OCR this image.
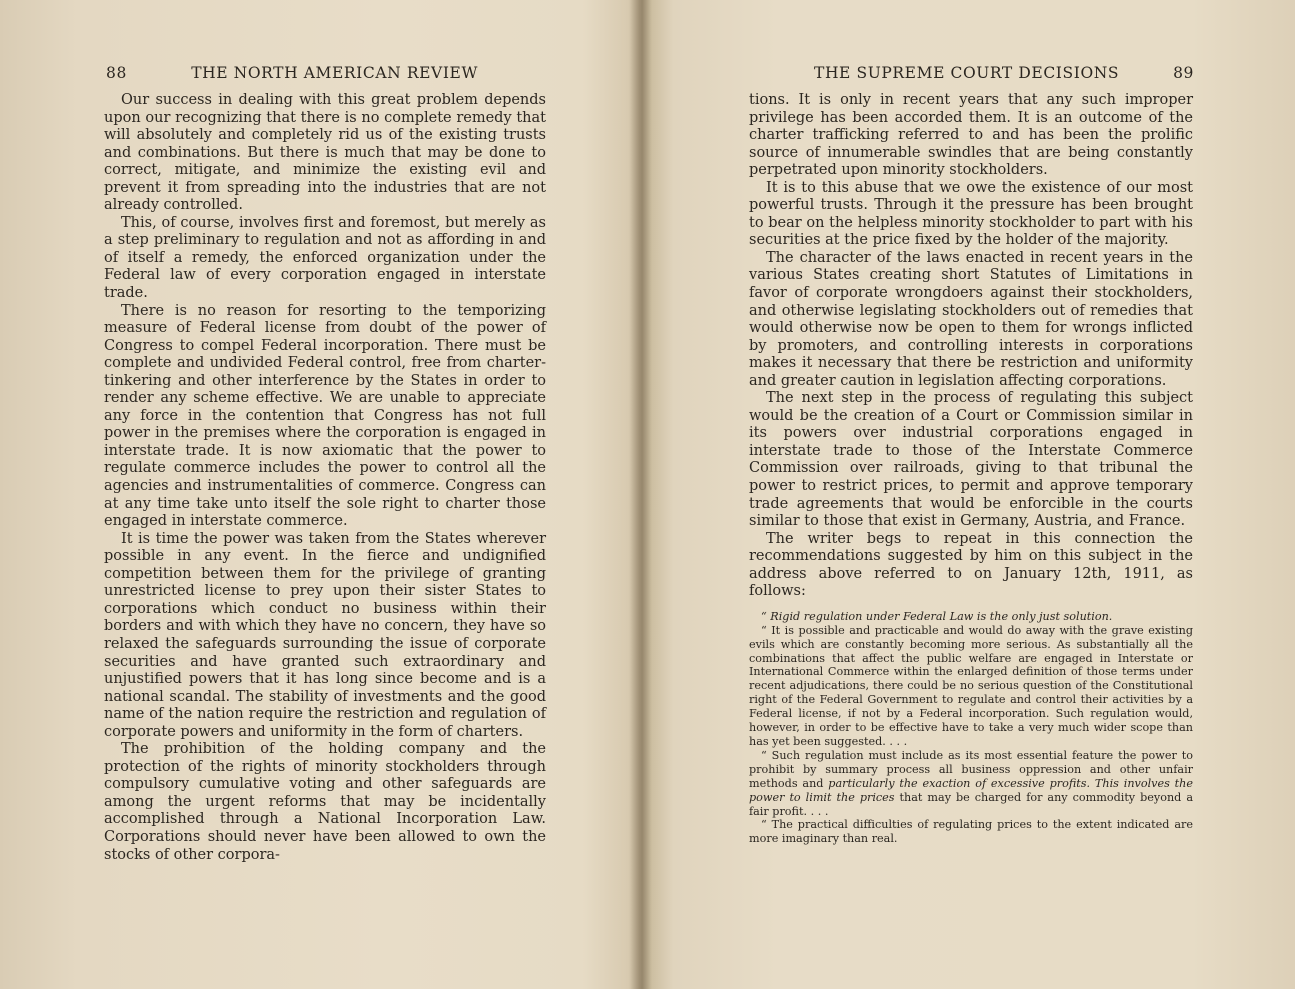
88	THE NORTH AMERICAN REVIEW

Our success in dealing with this great problem depends upon our recognizing that there is no complete remedy that will absolutely and completely rid us of the existing trusts and combinations. But there is much that may be done to correct, mitigate, and minimize the existing evil and prevent it from spreading into the industries that are not already controlled.

This, of course, involves first and foremost, but merely as a step preliminary to regulation and not as affording in and of itself a remedy, the enforced organization under the Federal law of every corporation engaged in interstate trade.

There is no reason for resorting to the temporizing measure of Federal license from doubt of the power of Congress to compel Federal incorporation. There must be complete and undivided Federal control, free from charter-tinkering and other interference by the States in order to render any scheme effective. We are unable to appreciate any force in the contention that Congress has not full power in the premises where the corporation is engaged in interstate trade. It is now axiomatic that the power to regulate commerce includes the power to control all the agencies and instrumentalities of commerce. Congress can at any time take unto itself the sole right to charter those engaged in interstate commerce.

It is time the power was taken from the States wherever possible in any event. In the fierce and undignified competition between them for the privilege of granting unrestricted license to prey upon their sister States to corporations which conduct no business within their borders and with which they have no concern, they have so relaxed the safeguards surrounding the issue of corporate securities and have granted such extraordinary and unjustified powers that it has long since become and is a national scandal. The stability of investments and the good name of the nation require the restriction and regulation of corporate powers and uniformity in the form of charters.

The prohibition of the holding company and the protection of the rights of minority stockholders through compulsory cumulative voting and other safeguards are among the urgent reforms that may be incidentally accomplished through a National Incorporation Law. Corporations should never have been allowed to own the stocks of other corpora-

THE SUPREME COURT DECISIONS	89

tions. It is only in recent years that any such improper privilege has been accorded them. It is an outcome of the charter trafficking referred to and has been the prolific source of innumerable swindles that are being constantly perpetrated upon minority stockholders.

It is to this abuse that we owe the existence of our most powerful trusts. Through it the pressure has been brought to bear on the helpless minority stockholder to part with his securities at the price fixed by the holder of the majority.

The character of the laws enacted in recent years in the various States creating short Statutes of Limitations in favor of corporate wrongdoers against their stockholders, and otherwise legislating stockholders out of remedies that would otherwise now be open to them for wrongs inflicted by promoters, and controlling interests in corporations makes it necessary that there be restriction and uniformity and greater caution in legislation affecting corporations.

The next step in the process of regulating this subject would be the creation of a Court or Commission similar in its powers over industrial corporations engaged in interstate trade to those of the Interstate Commerce Commission over railroads, giving to that tribunal the power to restrict prices, to permit and approve temporary trade agreements that would be enforcible in the courts similar to those that exist in Germany, Austria, and France.

The writer begs to repeat in this connection the recommendations suggested by him on this subject in the address above referred to on January 12th, 1911, as follows:

“ Rigid regulation under Federal Law is the only just solution.

“ It is possible and practicable and would do away with the grave existing evils which are constantly becoming more serious. As substantially all the combinations that affect the public welfare are engaged in Interstate or International Commerce within the enlarged definition of those terms under recent adjudications, there could be no serious question of the Constitutional right of the Federal Government to regulate and control their activities by a Federal license, if not by a Federal incorporation. Such regulation would, however, in order to be effective have to take a very much wider scope than has yet been suggested. . . .

“ Such regulation must include as its most essential feature the power to prohibit by summary process all business oppression and other unfair methods and particularly the exaction of excessive profits. This involves the power to limit the prices that may be charged for any commodity beyond a fair profit. . . .

“ The practical difficulties of regulating prices to the extent indicated are more imaginary than real.
